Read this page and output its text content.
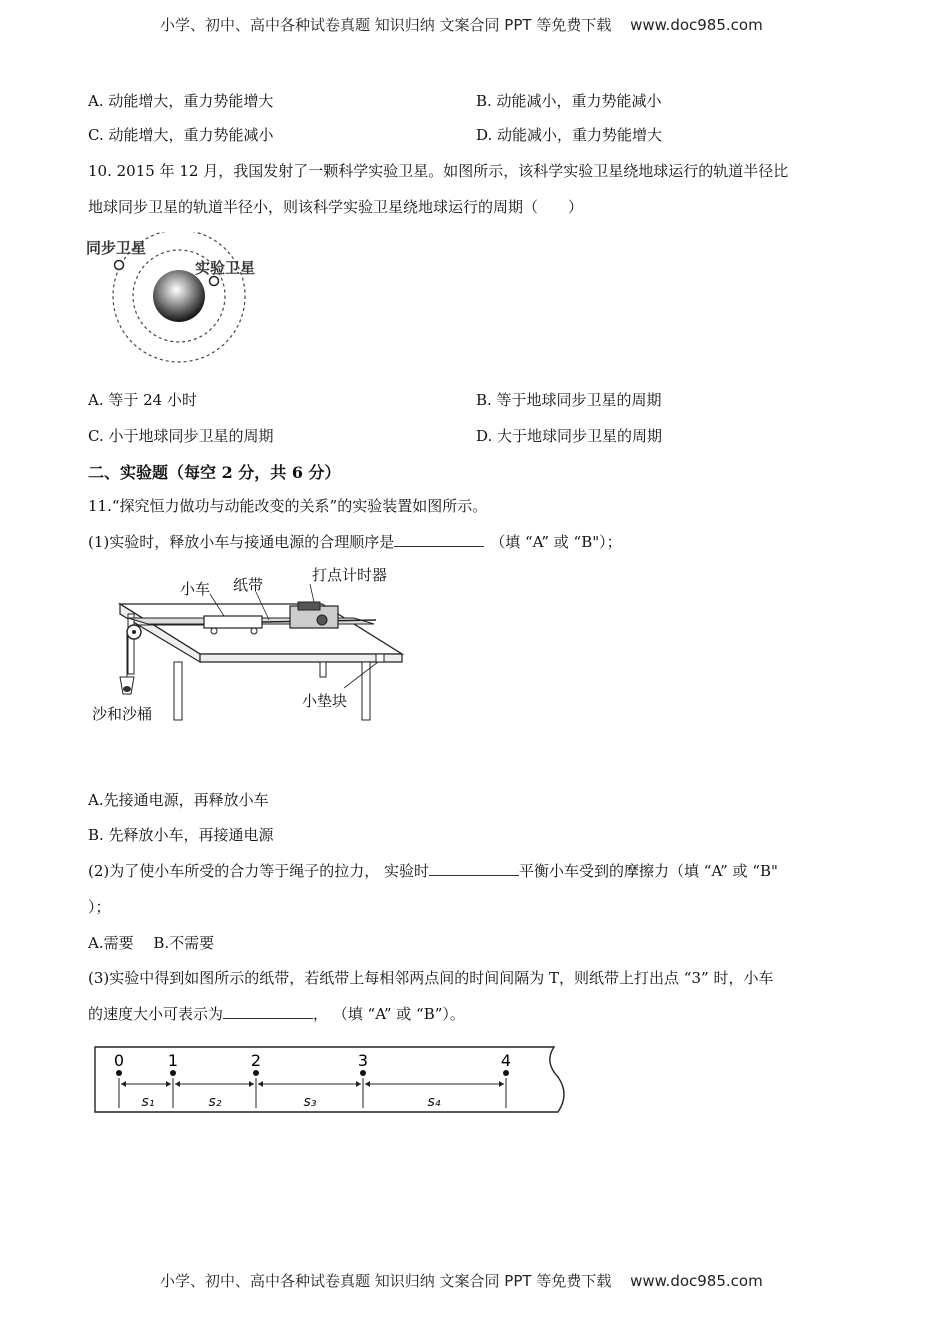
小学、初中、高中各种试卷真题 知识归纳 文案合同 PPT 等免费下载 www.doc985.com
A. 动能增大，重力势能增大	B. 动能减小，重力势能减小
C. 动能增大，重力势能减小	D. 动能减小，重力势能增大
10. 2015 年 12 月，我国发射了一颗科学实验卫星。如图所示，该科学实验卫星绕地球运行的轨道半径比
地球同步卫星的轨道半径小，则该科学实验卫星绕地球运行的周期（　　）
同步卫星
实验卫星
A. 等于 24 小时	B. 等于地球同步卫星的周期
C. 小于地球同步卫星的周期	D. 大于地球同步卫星的周期
二、实验题（每空 2 分，共 6 分）
11.“探究恒力做功与动能改变的关系”的实验装置如图所示。
(1)实验时，释放小车与接通电源的合理顺序是	（填 “A” 或 “B"）；
小车 纸带
打点计时器
沙和沙桶
小垫块
A.先接通电源，再释放小车
B. 先释放小车，再接通电源
(2)为了使小车所受的合力等于绳子的拉力， 实验时	平衡小车受到的摩擦力（填 “A” 或 “B"
）；
A.需要　 B.不需要
(3)实验中得到如图所示的纸带，若纸带上每相邻两点间的时间间隔为 T，则纸带上打出点 “3” 时，小车
的速度大小可表示为	， （填 “A” 或 “B”）。
0	1	2	3	4
s₁	s₂	s₃	s₄
小学、初中、高中各种试卷真题 知识归纳 文案合同 PPT 等免费下载 www.doc985.com
